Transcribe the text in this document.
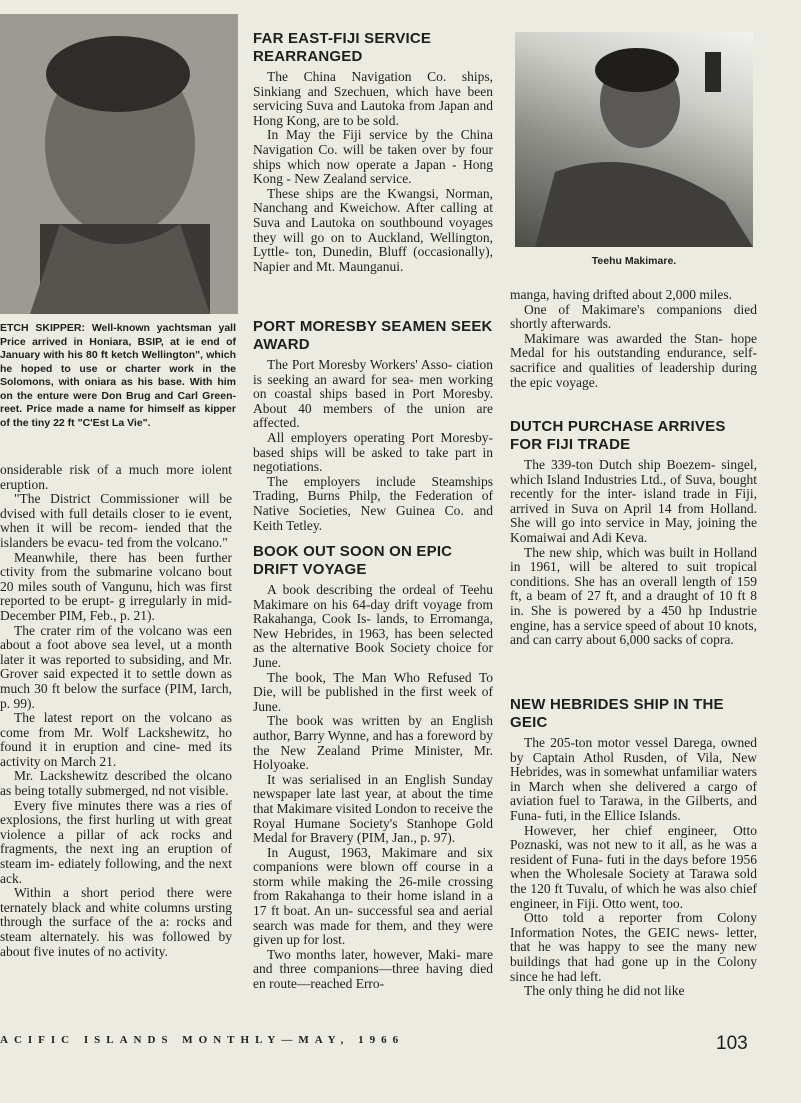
ETCH SKIPPER: Well-known yachtsman yall Price arrived in Honiara, BSIP, at ie end of January with his 80 ft ketch Wellington", which he hoped to use or charter work in the Solomons, with oniara as his base. With him on the enture were Don Brug and Carl Green- reet. Price made a name for himself as kipper of the tiny 22 ft "C'Est La Vie".

onsiderable risk of a much more iolent eruption.

"The District Commissioner will be dvised with full details closer to ie event, when it will be recom- iended that the islanders be evacu- ted from the volcano."

Meanwhile, there has been further ctivity from the submarine volcano bout 20 miles south of Vangunu, hich was first reported to be erupt- g irregularly in mid-December PIM, Feb., p. 21).

The crater rim of the volcano was een about a foot above sea level, ut a month later it was reported to subsiding, and Mr. Grover said expected it to settle down as much 30 ft below the surface (PIM, Iarch, p. 99).

The latest report on the volcano as come from Mr. Wolf Lackshewitz, ho found it in eruption and cine- med its activity on March 21.

Mr. Lackshewitz described the olcano as being totally submerged, nd not visible.

Every five minutes there was a ries of explosions, the first hurling ut with great violence a pillar of ack rocks and fragments, the next ing an eruption of steam im- ediately following, and the next ack.

Within a short period there were ternately black and white columns ursting through the surface of the a: rocks and steam alternately. his was followed by about five inutes of no activity.

FAR EAST-FIJI SERVICE REARRANGED

The China Navigation Co. ships, Sinkiang and Szechuen, which have been servicing Suva and Lautoka from Japan and Hong Kong, are to be sold.

In May the Fiji service by the China Navigation Co. will be taken over by four ships which now operate a Japan - Hong Kong - New Zealand service.

These ships are the Kwangsi, Norman, Nanchang and Kweichow. After calling at Suva and Lautoka on southbound voyages they will go on to Auckland, Wellington, Lyttle- ton, Dunedin, Bluff (occasionally), Napier and Mt. Maunganui.

PORT MORESBY SEAMEN SEEK AWARD

The Port Moresby Workers' Asso- ciation is seeking an award for sea- men working on coastal ships based in Port Moresby. About 40 members of the union are affected.

All employers operating Port Moresby-based ships will be asked to take part in negotiations.

The employers include Steamships Trading, Burns Philp, the Federation of Native Societies, New Guinea Co. and Keith Tetley.

BOOK OUT SOON ON EPIC DRIFT VOYAGE

A book describing the ordeal of Teehu Makimare on his 64-day drift voyage from Rakahanga, Cook Is- lands, to Erromanga, New Hebrides, in 1963, has been selected as the alternative Book Society choice for June.

The book, The Man Who Refused To Die, will be published in the first week of June.

The book was written by an English author, Barry Wynne, and has a foreword by the New Zealand Prime Minister, Mr. Holyoake.

It was serialised in an English Sunday newspaper late last year, at about the time that Makimare visited London to receive the Royal Humane Society's Stanhope Gold Medal for Bravery (PIM, Jan., p. 97).

In August, 1963, Makimare and six companions were blown off course in a storm while making the 26-mile crossing from Rakahanga to their home island in a 17 ft boat. An un- successful sea and aerial search was made for them, and they were given up for lost.

Two months later, however, Maki- mare and three companions—three having died en route—reached Erro-

Teehu Makimare.

manga, having drifted about 2,000 miles.

One of Makimare's companions died shortly afterwards.

Makimare was awarded the Stan- hope Medal for his outstanding endurance, self-sacrifice and qualities of leadership during the epic voyage.

DUTCH PURCHASE ARRIVES FOR FIJI TRADE

The 339-ton Dutch ship Boezem- singel, which Island Industries Ltd., of Suva, bought recently for the inter- island trade in Fiji, arrived in Suva on April 14 from Holland. She will go into service in May, joining the Komaiwai and Adi Keva.

The new ship, which was built in Holland in 1961, will be altered to suit tropical conditions. She has an overall length of 159 ft, a beam of 27 ft, and a draught of 10 ft 8 in. She is powered by a 450 hp Industrie engine, has a service speed of about 10 knots, and can carry about 6,000 sacks of copra.

NEW HEBRIDES SHIP IN THE GEIC

The 205-ton motor vessel Darega, owned by Captain Athol Rusden, of Vila, New Hebrides, was in somewhat unfamiliar waters in March when she delivered a cargo of aviation fuel to Tarawa, in the Gilberts, and Funa- futi, in the Ellice Islands.

However, her chief engineer, Otto Poznaski, was not new to it all, as he was a resident of Funa- futi in the days before 1956 when the Wholesale Society at Tarawa sold the 120 ft Tuvalu, of which he was also chief engineer, in Fiji. Otto went, too.

Otto told a reporter from Colony Information Notes, the GEIC news- letter, that he was happy to see the many new buildings that had gone up in the Colony since he had left.

The only thing he did not like

ACIFIC ISLANDS MONTHLY—MAY, 1966	103
